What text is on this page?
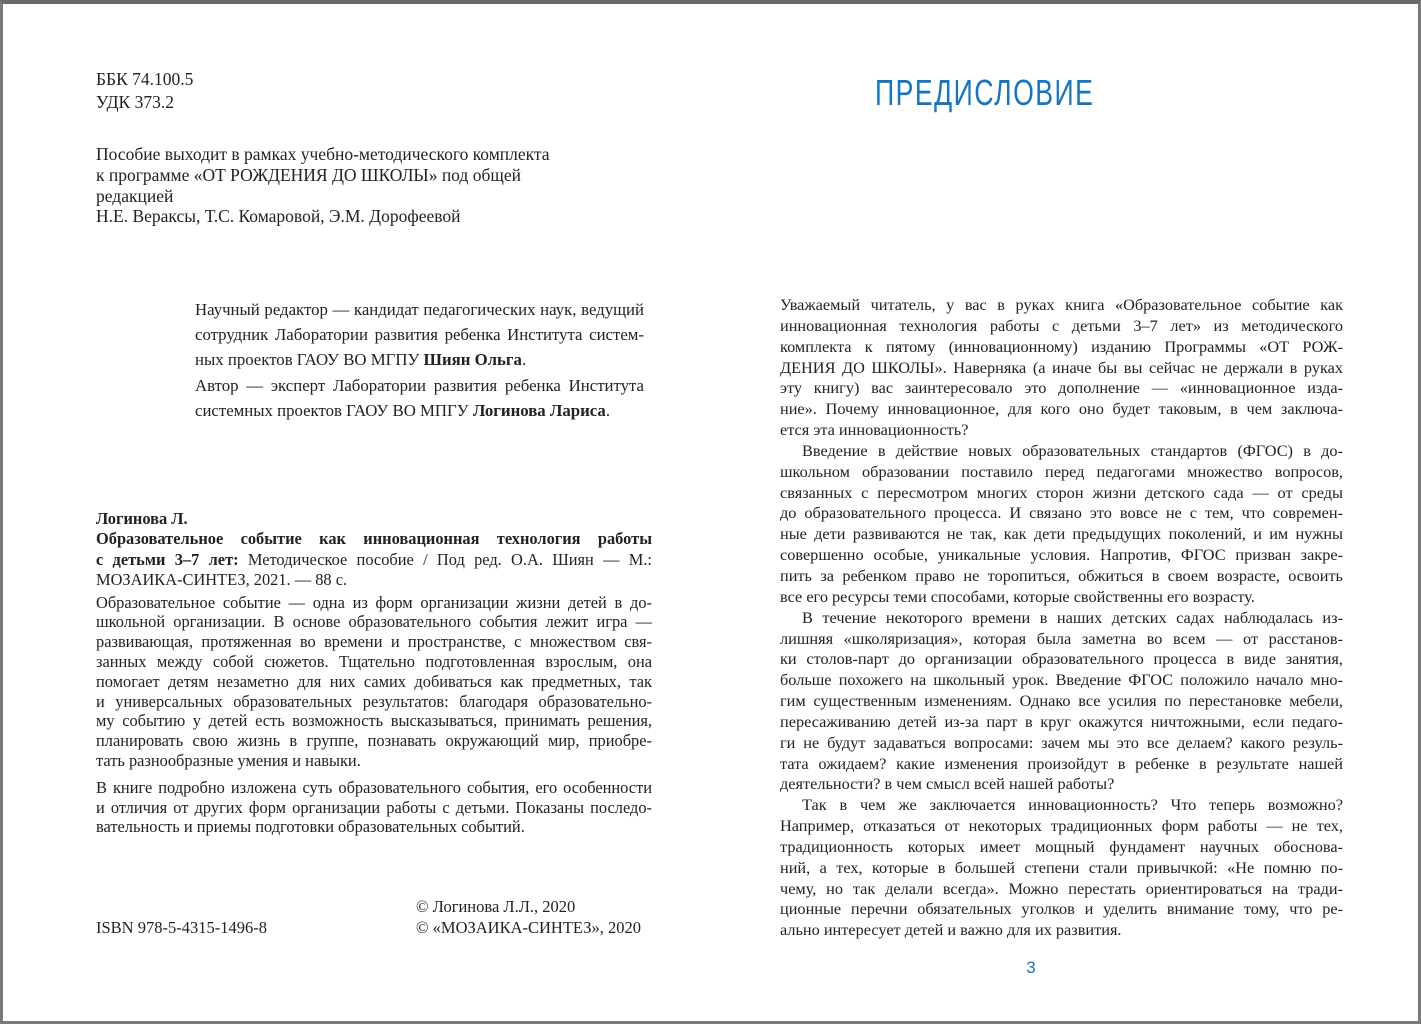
ББК 74.100.5
УДК 373.2
Пособие выходит в рамках учебно-методического комплекта
к программе «ОТ РОЖДЕНИЯ ДО ШКОЛЫ» под общей редакцией
Н.Е. Вераксы, Т.С. Комаровой, Э.М. Дорофеевой
Научный редактор — кандидат педагогических наук, ведущий
сотрудник Лаборатории развития ребенка Института систем-
ных проектов ГАОУ ВО МГПУ Шиян Ольга.
Автор — эксперт Лаборатории развития ребенка Института
системных проектов ГАОУ ВО МПГУ Логинова Лариса.
Логинова Л.
Образовательное событие как инновационная технология работы
с детьми 3–7 лет: Методическое пособие / Под ред. О.А. Шиян — М.:
МОЗАИКА-СИНТЕЗ, 2021. — 88 с.
Образовательное событие — одна из форм организации жизни детей в до-
школьной организации. В основе образовательного события лежит игра —
развивающая, протяженная во времени и пространстве, с множеством свя-
занных между собой сюжетов. Тщательно подготовленная взрослым, она
помогает детям незаметно для них самих добиваться как предметных, так
и универсальных образовательных результатов: благодаря образовательно-
му событию у детей есть возможность высказываться, принимать решения,
планировать свою жизнь в группе, познавать окружающий мир, приобре-
тать разнообразные умения и навыки.
В книге подробно изложена суть образовательного события, его особенности
и отличия от других форм организации работы с детьми. Показаны последо-
вательность и приемы подготовки образовательных событий.
ISBN 978-5-4315-1496-8
© Логинова Л.Л., 2020
© «МОЗАИКА-СИНТЕЗ», 2020
ПРЕДИСЛОВИЕ
Уважаемый читатель, у вас в руках книга «Образовательное событие как
инновационная технология работы с детьми 3–7 лет» из методического
комплекта к пятому (инновационному) изданию Программы «ОТ РОЖ-
ДЕНИЯ ДО ШКОЛЫ». Наверняка (а иначе бы вы сейчас не держали в руках
эту книгу) вас заинтересовало это дополнение — «инновационное изда-
ние». Почему инновационное, для кого оно будет таковым, в чем заключа-
ется эта инновационность?
Введение в действие новых образовательных стандартов (ФГОС) в до-
школьном образовании поставило перед педагогами множество вопросов,
связанных с пересмотром многих сторон жизни детского сада — от среды
до образовательного процесса. И связано это вовсе не с тем, что современ-
ные дети развиваются не так, как дети предыдущих поколений, и им нужны
совершенно особые, уникальные условия. Напротив, ФГОС призван закре-
пить за ребенком право не торопиться, обжиться в своем возрасте, освоить
все его ресурсы теми способами, которые свойственны его возрасту.
В течение некоторого времени в наших детских садах наблюдалась из-
лишняя «школяризация», которая была заметна во всем — от расстанов-
ки столов-парт до организации образовательного процесса в виде занятия,
больше похожего на школьный урок. Введение ФГОС положило начало мно-
гим существенным изменениям. Однако все усилия по перестановке мебели,
пересаживанию детей из-за парт в круг окажутся ничтожными, если педаго-
ги не будут задаваться вопросами: зачем мы это все делаем? какого резуль-
тата ожидаем? какие изменения произойдут в ребенке в результате нашей
деятельности? в чем смысл всей нашей работы?
Так в чем же заключается инновационность? Что теперь возможно?
Например, отказаться от некоторых традиционных форм работы — не тех,
традиционность которых имеет мощный фундамент научных обоснова-
ний, а тех, которые в большей степени стали привычкой: «Не помню по-
чему, но так делали всегда». Можно перестать ориентироваться на тради-
ционные перечни обязательных уголков и уделить внимание тому, что ре-
ально интересует детей и важно для их развития.
3
